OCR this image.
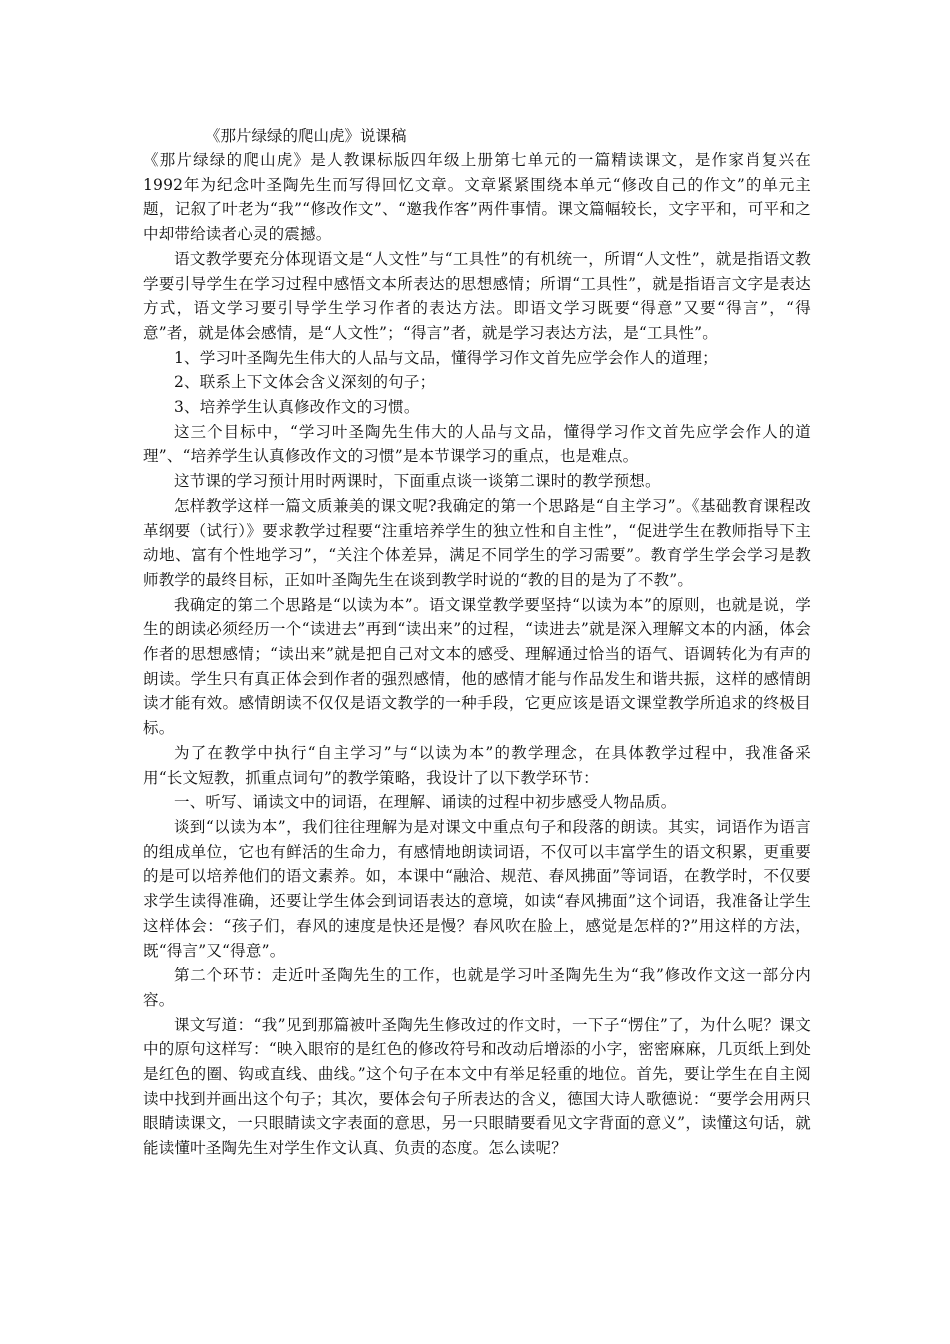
《那片绿绿的爬山虎》说课稿

《那片绿绿的爬山虎》是人教课标版四年级上册第七单元的一篇精读课文，是作家肖复兴在1992年为纪念叶圣陶先生而写得回忆文章。文章紧紧围绕本单元“修改自己的作文”的单元主题，记叙了叶老为“我”“修改作文”、“邀我作客”两件事情。课文篇幅较长，文字平和，可平和之中却带给读者心灵的震撼。

语文教学要充分体现语文是“人文性”与“工具性”的有机统一，所谓“人文性”，就是指语文教学要引导学生在学习过程中感悟文本所表达的思想感情；所谓“工具性”，就是指语言文字是表达方式，语文学习要引导学生学习作者的表达方法。即语文学习既要“得意”又要“得言”，“得意”者，就是体会感情，是“人文性”；“得言”者，就是学习表达方法，是“工具性”。

1、学习叶圣陶先生伟大的人品与文品，懂得学习作文首先应学会作人的道理；

2、联系上下文体会含义深刻的句子；

3、培养学生认真修改作文的习惯。

这三个目标中，“学习叶圣陶先生伟大的人品与文品，懂得学习作文首先应学会作人的道理”、“培养学生认真修改作文的习惯”是本节课学习的重点，也是难点。

这节课的学习预计用时两课时，下面重点谈一谈第二课时的教学预想。

怎样教学这样一篇文质兼美的课文呢?我确定的第一个思路是“自主学习”。《基础教育课程改革纲要（试行）》要求教学过程要“注重培养学生的独立性和自主性”，“促进学生在教师指导下主动地、富有个性地学习”，“关注个体差异，满足不同学生的学习需要”。教育学生学会学习是教师教学的最终目标，正如叶圣陶先生在谈到教学时说的“教的目的是为了不教”。

我确定的第二个思路是“以读为本”。语文课堂教学要坚持“以读为本”的原则，也就是说，学生的朗读必须经历一个“读进去”再到“读出来”的过程，“读进去”就是深入理解文本的内涵，体会作者的思想感情；“读出来”就是把自己对文本的感受、理解通过恰当的语气、语调转化为有声的朗读。学生只有真正体会到作者的强烈感情，他的感情才能与作品发生和谐共振，这样的感情朗读才能有效。感情朗读不仅仅是语文教学的一种手段，它更应该是语文课堂教学所追求的终极目标。

为了在教学中执行“自主学习”与“以读为本”的教学理念，在具体教学过程中，我准备采用“长文短教，抓重点词句”的教学策略，我设计了以下教学环节：

一、听写、诵读文中的词语，在理解、诵读的过程中初步感受人物品质。

谈到“以读为本”，我们往往理解为是对课文中重点句子和段落的朗读。其实，词语作为语言的组成单位，它也有鲜活的生命力，有感情地朗读词语，不仅可以丰富学生的语文积累，更重要的是可以培养他们的语文素养。如，本课中“融洽、规范、春风拂面”等词语，在教学时，不仅要求学生读得准确，还要让学生体会到词语表达的意境，如读“春风拂面”这个词语，我准备让学生这样体会：“孩子们，春风的速度是快还是慢？春风吹在脸上，感觉是怎样的?”用这样的方法，既“得言”又“得意”。

第二个环节：走近叶圣陶先生的工作，也就是学习叶圣陶先生为“我”修改作文这一部分内容。

课文写道：“我”见到那篇被叶圣陶先生修改过的作文时，一下子“愣住”了，为什么呢？课文中的原句这样写：“映入眼帘的是红色的修改符号和改动后增添的小字，密密麻麻，几页纸上到处是红色的圈、钩或直线、曲线。”这个句子在本文中有举足轻重的地位。首先，要让学生在自主阅读中找到并画出这个句子；其次，要体会句子所表达的含义，德国大诗人歌德说：“要学会用两只眼睛读课文，一只眼睛读文字表面的意思，另一只眼睛要看见文字背面的意义”，读懂这句话，就能读懂叶圣陶先生对学生作文认真、负责的态度。怎么读呢？
